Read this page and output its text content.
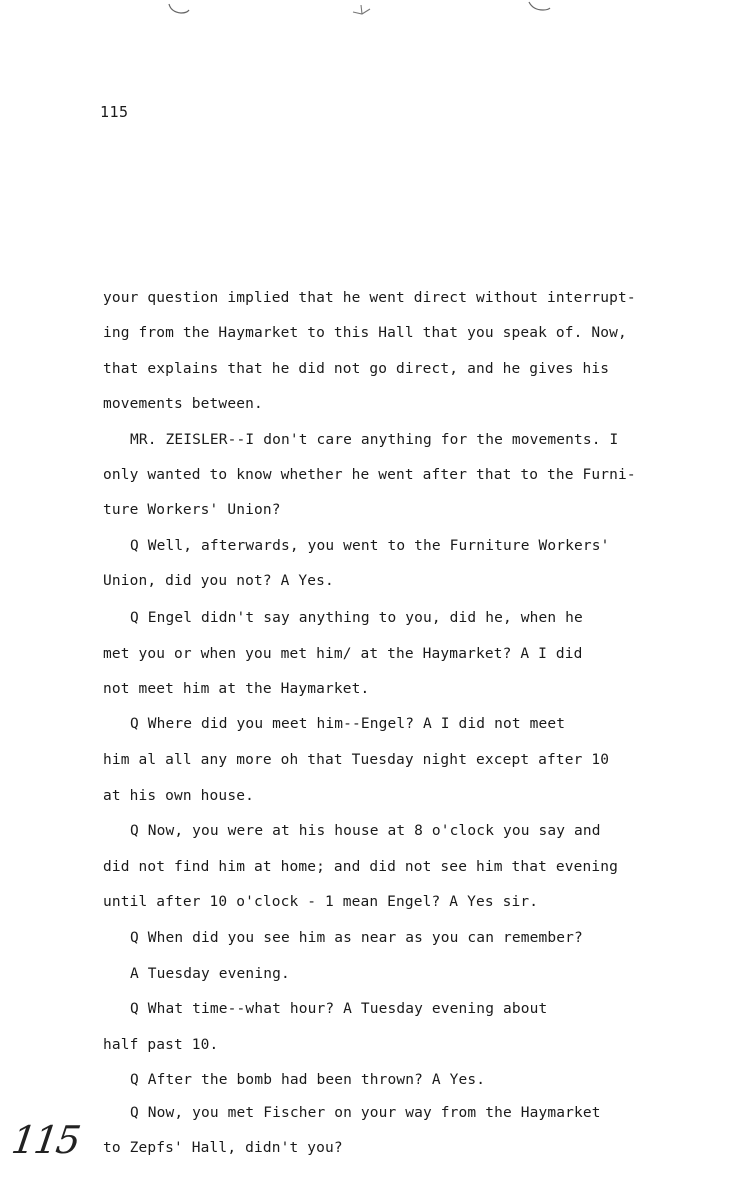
115
your question implied that he went direct without interrupt-
ing from the Haymarket to this Hall that you speak of. Now,
that explains that he did not go direct, and he gives his
movements between.
MR. ZEISLER--I don't care anything for the movements. I
only wanted to know whether he went after that to the Furni-
ture Workers' Union?
Q Well, afterwards, you went to the Furniture Workers'
Union, did you not? A Yes.
Q Engel didn't say anything to you, did he, when he
met you or when you met him/ at the Haymarket? A I did
not meet him at the Haymarket.
Q Where did you meet him--Engel? A I did not meet
him al all any more oh that Tuesday night except after 10
at his own house.
Q Now, you were at his house at 8 o'clock you say and
did not find him at home; and did not see him that evening
until after 10 o'clock - 1 mean Engel? A Yes sir.
Q When did you see him as near as you can remember?
A Tuesday evening.
Q What time--what hour? A Tuesday evening about
half past 10.
Q After the bomb had been thrown? A Yes.
Q Now, you met Fischer on your way from the Haymarket
to Zepfs' Hall, didn't you?
115
